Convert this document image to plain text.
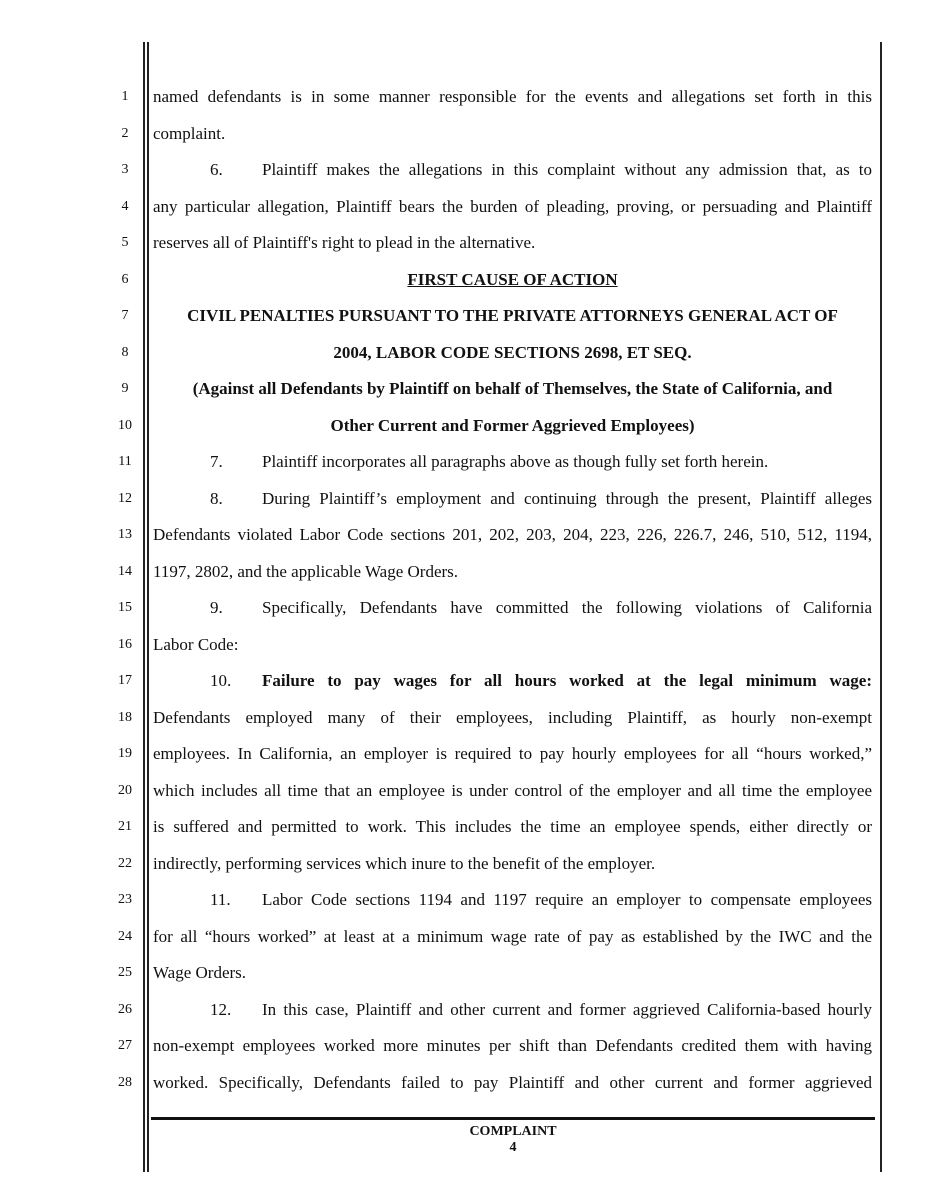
1
2
3
4
5
6
7
8
9
10
11
12
13
14
15
16
17
18
19
20
21
22
23
24
25
26
27
28
named defendants is in some manner responsible for the events and allegations set forth in this
complaint.
6.	Plaintiff makes the allegations in this complaint without any admission that, as to
any particular allegation, Plaintiff bears the burden of pleading, proving, or persuading and Plaintiff
reserves all of Plaintiff's right to plead in the alternative.
FIRST CAUSE OF ACTION
CIVIL PENALTIES PURSUANT TO THE PRIVATE ATTORNEYS GENERAL ACT OF
2004, LABOR CODE SECTIONS 2698, ET SEQ.
(Against all Defendants by Plaintiff on behalf of Themselves, the State of California, and
Other Current and Former Aggrieved Employees)
7.	Plaintiff incorporates all paragraphs above as though fully set forth herein.
8.	During Plaintiff’s employment and continuing through the present, Plaintiff alleges
Defendants violated Labor Code sections 201, 202, 203, 204, 223, 226, 226.7, 246, 510, 512, 1194,
1197, 2802, and the applicable Wage Orders.
9.	Specifically, Defendants have committed the following violations of California
Labor Code:
10.	Failure to pay wages for all hours worked at the legal minimum wage:
Defendants employed many of their employees, including Plaintiff, as hourly non-exempt
employees. In California, an employer is required to pay hourly employees for all “hours worked,”
which includes all time that an employee is under control of the employer and all time the employee
is suffered and permitted to work. This includes the time an employee spends, either directly or
indirectly, performing services which inure to the benefit of the employer.
11.	Labor Code sections 1194 and 1197 require an employer to compensate employees
for all “hours worked” at least at a minimum wage rate of pay as established by the IWC and the
Wage Orders.
12.	In this case, Plaintiff and other current and former aggrieved California-based hourly
non-exempt employees worked more minutes per shift than Defendants credited them with having
worked. Specifically, Defendants failed to pay Plaintiff and other current and former aggrieved
COMPLAINT
4
